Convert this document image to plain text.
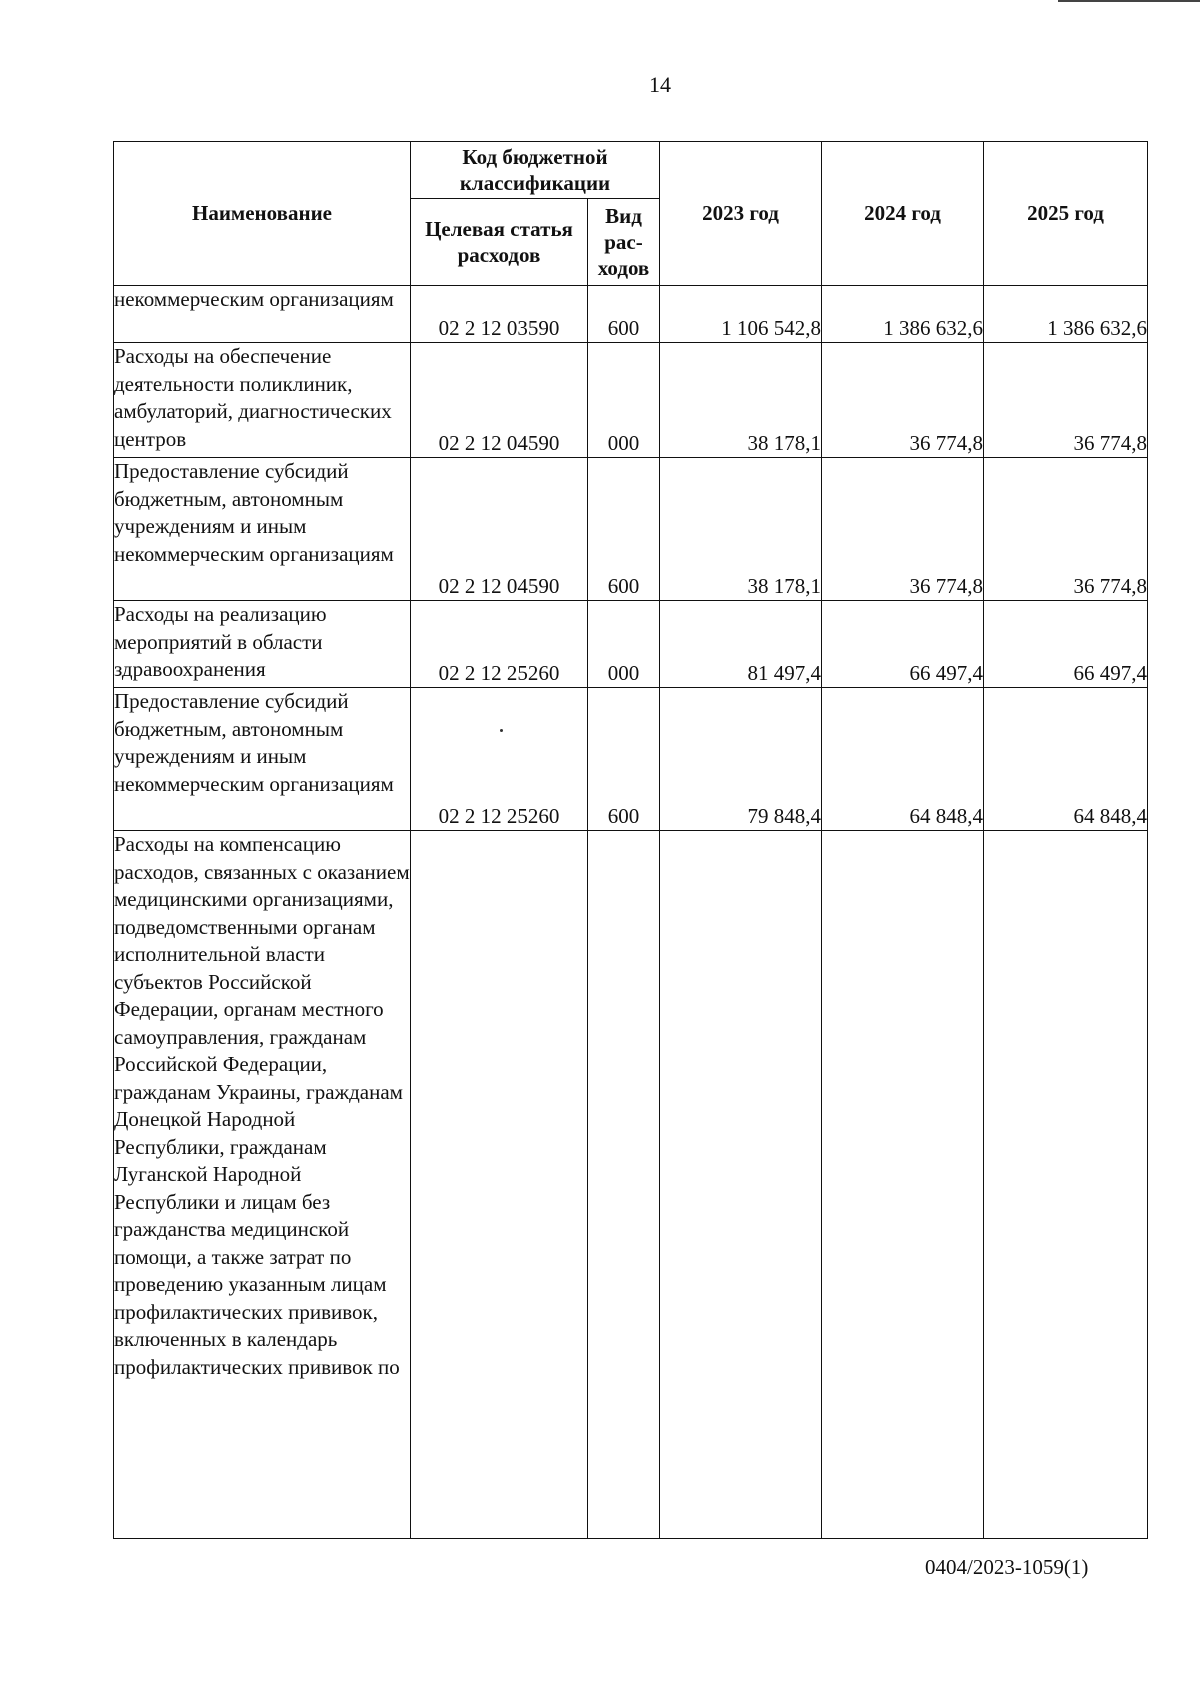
14
Наименование	Код бюджетной классификации		2023 год	2024 год	2025 год
	Целевая статья расходов	Вид рас-ходов			
некоммерческим организациям	02 2 12 03590	600	1 106 542,8	1 386 632,6	1 386 632,6
Расходы на обеспечение деятельности поликлиник, амбулаторий, диагностических центров	02 2 12 04590	000	38 178,1	36 774,8	36 774,8
Предоставление субсидий бюджетным, автономным учреждениям и иным некоммерческим организациям	02 2 12 04590	600	38 178,1	36 774,8	36 774,8
Расходы на реализацию мероприятий в области здравоохранения	02 2 12 25260	000	81 497,4	66 497,4	66 497,4
Предоставление субсидий бюджетным, автономным учреждениям и иным некоммерческим организациям	02 2 12 25260	600	79 848,4	64 848,4	64 848,4
Расходы на компенсацию расходов, связанных с оказанием медицинскими организациями, подведомственными органам исполнительной власти субъектов Российской Федерации, органам местного самоуправления, гражданам Российской Федерации, гражданам Украины, гражданам Донецкой Народной Республики, гражданам Луганской Народной Республики и лицам без гражданства медицинской помощи, а также затрат по проведению указанным лицам профилактических прививок, включенных в календарь профилактических прививок по					
0404/2023-1059(1)
